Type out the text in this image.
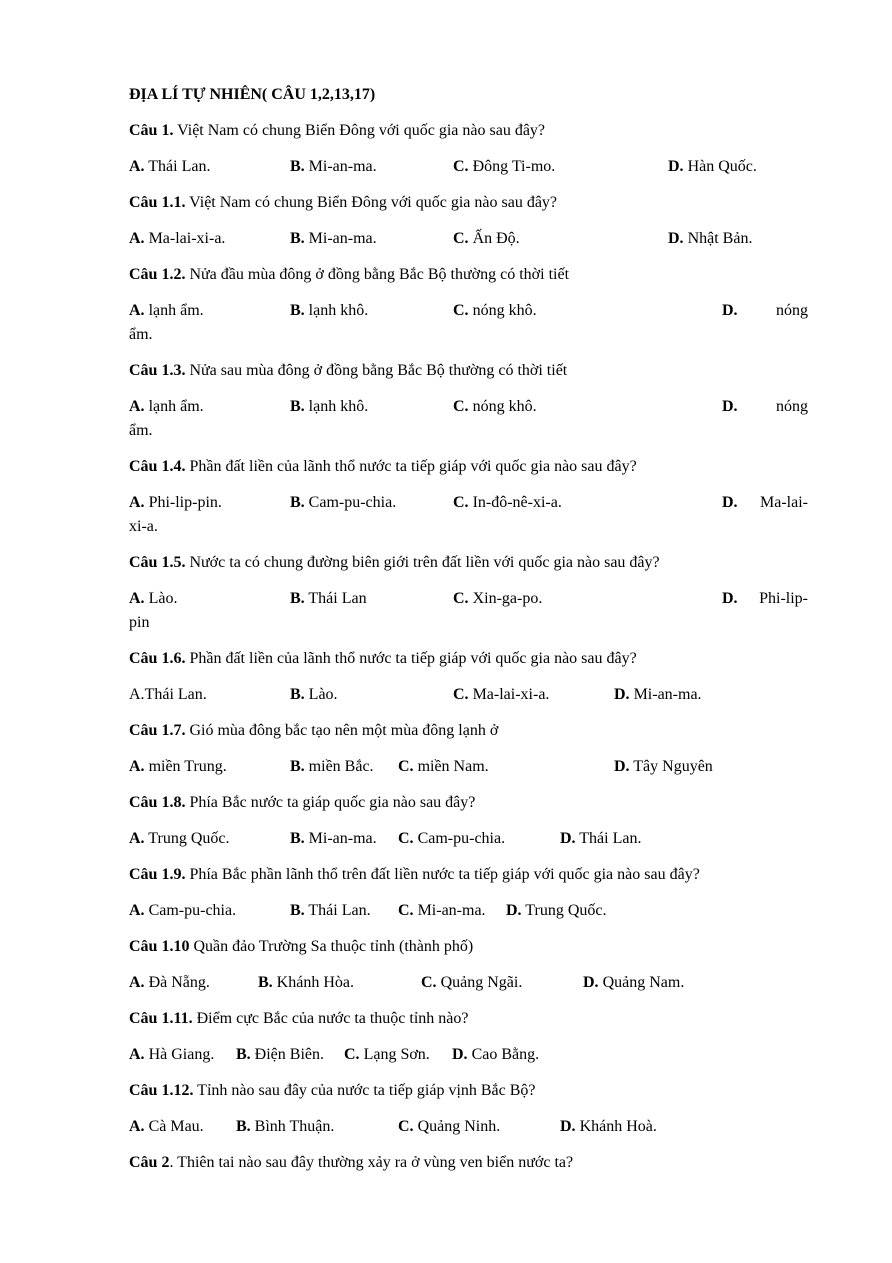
ĐỊA LÍ TỰ NHIÊN( CÂU 1,2,13,17)
Câu 1. Việt Nam có chung Biển Đông với quốc gia nào sau đây?
A. Thái Lan.	B. Mi-an-ma.	C. Đông Ti-mo.	D. Hàn Quốc.
Câu 1.1. Việt Nam có chung Biển Đông với quốc gia nào sau đây?
A. Ma-lai-xi-a.	B. Mi-an-ma.	C. Ấn Độ.	D. Nhật Bản.
Câu 1.2. Nửa đầu mùa đông ở đồng bằng Bắc Bộ thường có thời tiết
A. lạnh ẩm.	B. lạnh khô.	C. nóng khô.	D. nóng
ẩm.
Câu 1.3. Nửa sau mùa đông ở đồng bằng Bắc Bộ thường có thời tiết
A. lạnh ẩm.	B. lạnh khô.	C. nóng khô.	D. nóng
ẩm.
Câu 1.4. Phần đất liền của lãnh thổ nước ta tiếp giáp với quốc gia nào sau đây?
A. Phi-lip-pin.	B. Cam-pu-chia.	C. In-đô-nê-xi-a.	D. Ma-lai-
xi-a.
Câu 1.5. Nước ta có chung đường biên giới trên đất liền với quốc gia nào sau đây?
A. Lào.	B. Thái Lan	C. Xin-ga-po.	D. Phi-lip-
pin
Câu 1.6. Phần đất liền của lãnh thổ nước ta tiếp giáp với quốc gia nào sau đây?
A.Thái Lan.	B. Lào.	C. Ma-lai-xi-a.	D. Mi-an-ma.
Câu 1.7. Gió mùa đông bắc tạo nên một mùa đông lạnh ở
A. miền Trung.	B. miền Bắc. C. miền Nam.	D. Tây Nguyên
Câu 1.8. Phía Bắc nước ta giáp quốc gia nào sau đây?
A. Trung Quốc.	B. Mi-an-ma. C. Cam-pu-chia.	D. Thái Lan.
Câu 1.9. Phía Bắc phần lãnh thổ trên đất liền nước ta tiếp giáp với quốc gia nào sau đây?
A. Cam-pu-chia.	B. Thái Lan. C. Mi-an-ma. D. Trung Quốc.
Câu 1.10 Quần đảo Trường Sa thuộc tỉnh (thành phố)
A. Đà Nẵng.	B. Khánh Hòa.	C. Quảng Ngãi.	D. Quảng Nam.
Câu 1.11. Điểm cực Bắc của nước ta thuộc tỉnh nào?
A. Hà Giang. B. Điện Biên. C. Lạng Sơn. D. Cao Bằng.
Câu 1.12. Tỉnh nào sau đây của nước ta tiếp giáp vịnh Bắc Bộ?
A. Cà Mau. B. Bình Thuận.	C. Quảng Ninh.	D. Khánh Hoà.
Câu 2. Thiên tai nào sau đây thường xảy ra ở vùng ven biển nước ta?
